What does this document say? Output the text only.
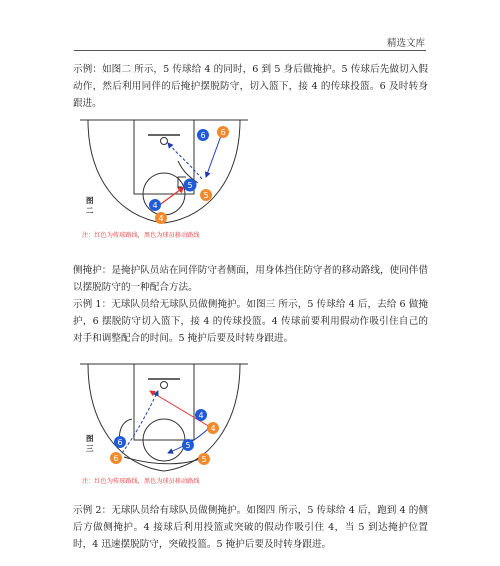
精选文库

示例：如图二 所示，5 传球给 4 的同时，6 到 5 身后做掩护。5 传球后先做切入假动作，然后利用同伴的后掩护摆脱防守，切入篮下，接 4 的传球投篮。6 及时转身跟进。

6 6
5
5
4
4
图
二
注：红色为传球路线，黑色为球员移动路线

侧掩护：是掩护队员站在同伴防守者侧面，用身体挡住防守者的移动路线，使同伴借以摆脱防守的一种配合方法。

示例 1：无球队员给无球队员做侧掩护。如图三 所示，5 传球给 4 后，去给 6 做掩护，6 摆脱防守切入篮下，接 4 的传球投篮。4 传球前要利用假动作吸引住自己的对手和调整配合的时间。5 掩护后要及时转身跟进。

4
4
5
5
6
6
图
三
注：红色为传球路线，黑色为球员移动路线

示例 2：无球队员给有球队员做侧掩护。如图四 所示，5 传球给 4 后，跑到 4 的侧后方做侧掩护。4 接球后利用投篮或突破的假动作吸引住 4，当 5 到达掩护位置时，4 迅速摆脱防守，突破投篮。5 掩护后要及时转身跟进。
